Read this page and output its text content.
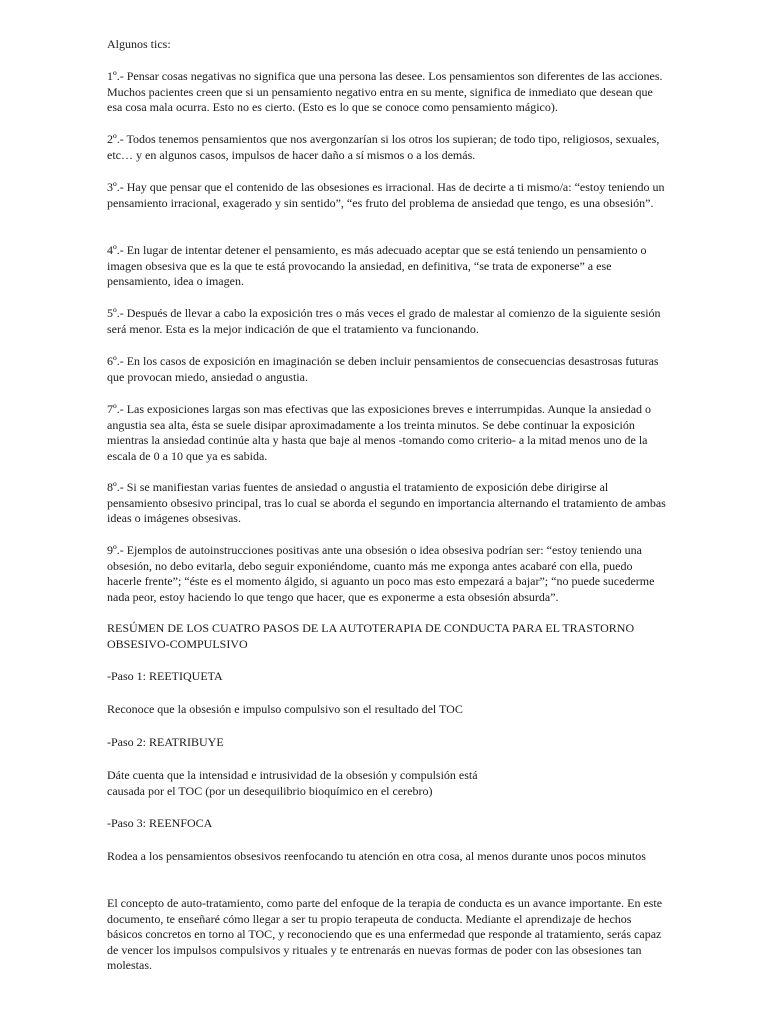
Algunos tics:

1º.- Pensar cosas negativas no significa que una persona las desee. Los pensamientos son diferentes de las acciones. Muchos pacientes creen que si un pensamiento negativo entra en su mente, significa de inmediato que desean que esa cosa mala ocurra. Esto no es cierto. (Esto es lo que se conoce como pensamiento mágico).

2º.- Todos tenemos pensamientos que nos avergonzarían si los otros los supieran; de todo tipo, religiosos, sexuales, etc… y en algunos casos, impulsos de hacer daño a sí mismos o a los demás.

3º.- Hay que pensar que el contenido de las obsesiones es irracional. Has de decirte a ti mismo/a: “estoy teniendo un pensamiento irracional, exagerado y sin sentido”, “es fruto del problema de ansiedad que tengo, es una obsesión”.

4º.- En lugar de intentar detener el pensamiento, es más adecuado aceptar que se está teniendo un pensamiento o imagen obsesiva que es la que te está provocando la ansiedad, en definitiva, “se trata de exponerse” a ese pensamiento, idea o imagen.

5º.- Después de llevar a cabo la exposición tres o más veces el grado de malestar al comienzo de la siguiente sesión será menor. Esta es la mejor indicación de que el tratamiento va funcionando.

6º.- En los casos de exposición en imaginación se deben incluir pensamientos de consecuencias desastrosas futuras que provocan miedo, ansiedad o angustia.

7º.- Las exposiciones largas son mas efectivas que las exposiciones breves e interrumpidas. Aunque la ansiedad o angustia sea alta, ésta se suele disipar aproximadamente a los treinta minutos. Se debe continuar la exposición mientras la ansiedad continúe alta y hasta que baje al menos -tomando como criterio- a la mitad menos uno de la escala de 0 a 10 que ya es sabida.

8º.- Si se manifiestan varias fuentes de ansiedad o angustia el tratamiento de exposición debe dirigirse al pensamiento obsesivo principal, tras lo cual se aborda el segundo en importancia alternando el tratamiento de ambas ideas o imágenes obsesivas.

9º.- Ejemplos de autoinstrucciones positivas ante una obsesión o idea obsesiva podrían ser: “estoy teniendo una obsesión, no debo evitarla, debo seguir exponiéndome, cuanto más me exponga antes acabaré con ella, puedo hacerle frente”; “éste es el momento álgido, si aguanto un poco mas esto empezará a bajar”; “no puede sucederme nada peor, estoy haciendo lo que tengo que hacer, que es exponerme a esta obsesión absurda”.

RESÚMEN DE LOS CUATRO PASOS DE LA AUTOTERAPIA DE CONDUCTA PARA EL TRASTORNO OBSESIVO-COMPULSIVO

-Paso 1: REETIQUETA

Reconoce que la obsesión e impulso compulsivo son el resultado del TOC

-Paso 2: REATRIBUYE

Dáte cuenta que la intensidad e intrusividad de la obsesión y compulsión está causada por el TOC (por un desequilibrio bioquímico en el cerebro)

-Paso 3: REENFOCA

Rodea a los pensamientos obsesivos reenfocando tu atención en otra cosa, al menos durante unos pocos minutos

El concepto de auto-tratamiento, como parte del enfoque de la terapia de conducta es un avance importante. En este documento, te enseñaré cómo llegar a ser tu propio terapeuta de conducta. Mediante el aprendizaje de hechos básicos concretos en torno al TOC, y reconociendo que es una enfermedad que responde al tratamiento, serás capaz de vencer los impulsos compulsivos y rituales y te entrenarás en nuevas formas de poder con las obsesiones tan molestas.
